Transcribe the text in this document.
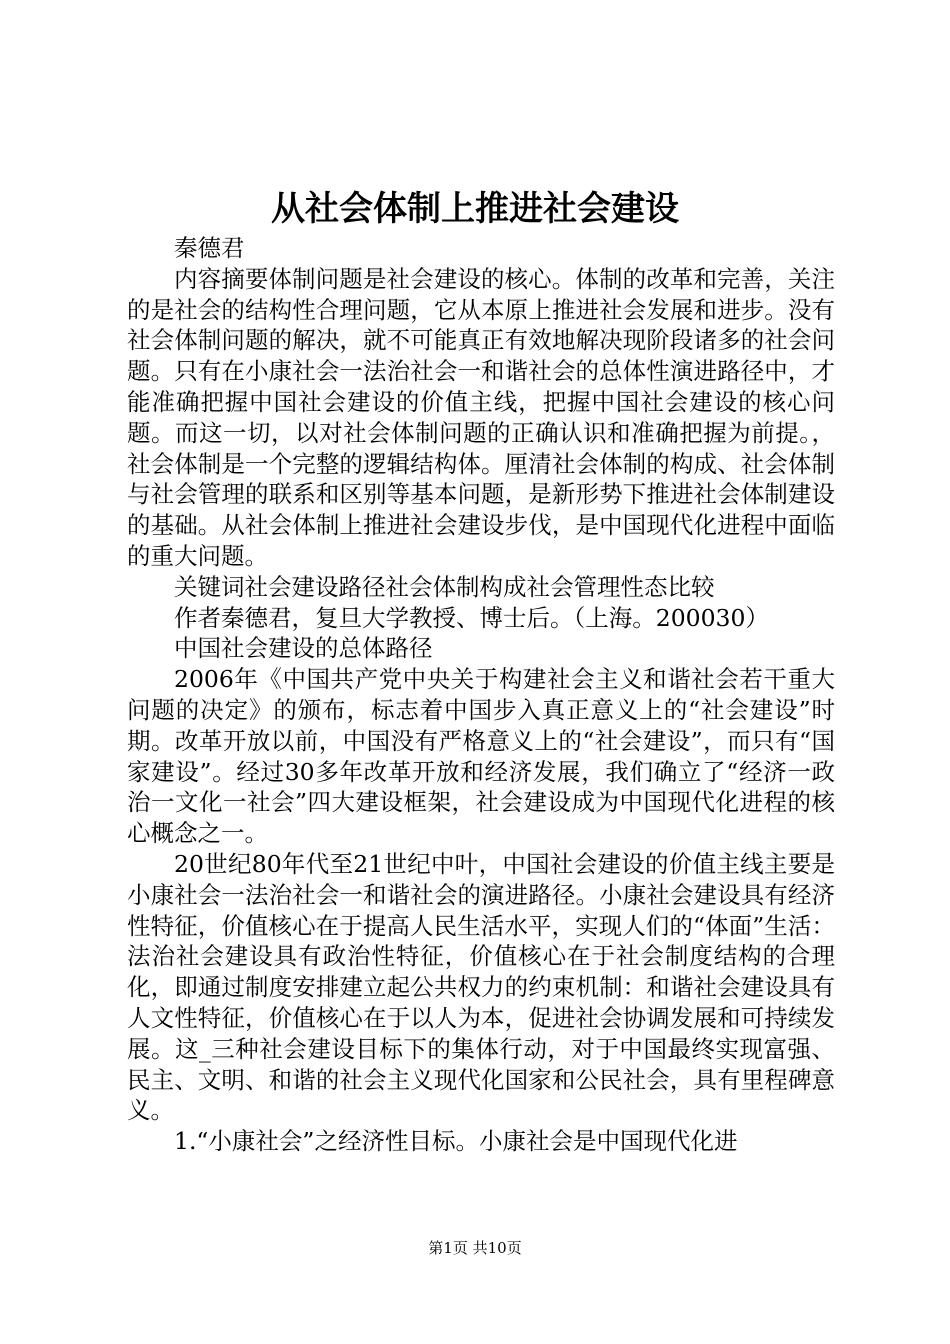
从社会体制上推进社会建设

秦德君

内容摘要体制问题是社会建设的核心。体制的改革和完善，关注的是社会的结构性合理问题，它从本原上推进社会发展和进步。没有社会体制问题的解决，就不可能真正有效地解决现阶段诸多的社会问题。只有在小康社会一法治社会一和谐社会的总体性演进路径中，才能准确把握中国社会建设的价值主线，把握中国社会建设的核心问题。而这一切，以对社会体制问题的正确认识和准确把握为前提。，社会体制是一个完整的逻辑结构体。厘清社会体制的构成、社会体制与社会管理的联系和区别等基本问题，是新形势下推进社会体制建设的基础。从社会体制上推进社会建设步伐，是中国现代化进程中面临的重大问题。

关键词社会建设路径社会体制构成社会管理性态比较

作者秦德君，复旦大学教授、博士后。（上海。200030）

中国社会建设的总体路径

2006年《中国共产党中央关于构建社会主义和谐社会若干重大问题的决定》的颁布，标志着中国步入真正意义上的“社会建设”时期。改革开放以前，中国没有严格意义上的“社会建设”，而只有“国家建设”。经过30多年改革开放和经济发展，我们确立了“经济一政治一文化一社会”四大建设框架，社会建设成为中国现代化进程的核心概念之一。

20世纪80年代至21世纪中叶，中国社会建设的价值主线主要是小康社会一法治社会一和谐社会的演进路径。小康社会建设具有经济性特征，价值核心在于提高人民生活水平，实现人们的“体面”生活：法治社会建设具有政治性特征，价值核心在于社会制度结构的合理化，即通过制度安排建立起公共权力的约束机制：和谐社会建设具有人文性特征，价值核心在于以人为本，促进社会协调发展和可持续发展。这_三种社会建设目标下的集体行动，对于中国最终实现富强、民主、文明、和谐的社会主义现代化国家和公民社会，具有里程碑意义。

1.“小康社会”之经济性目标。小康社会是中国现代化进

第1页 共10页
